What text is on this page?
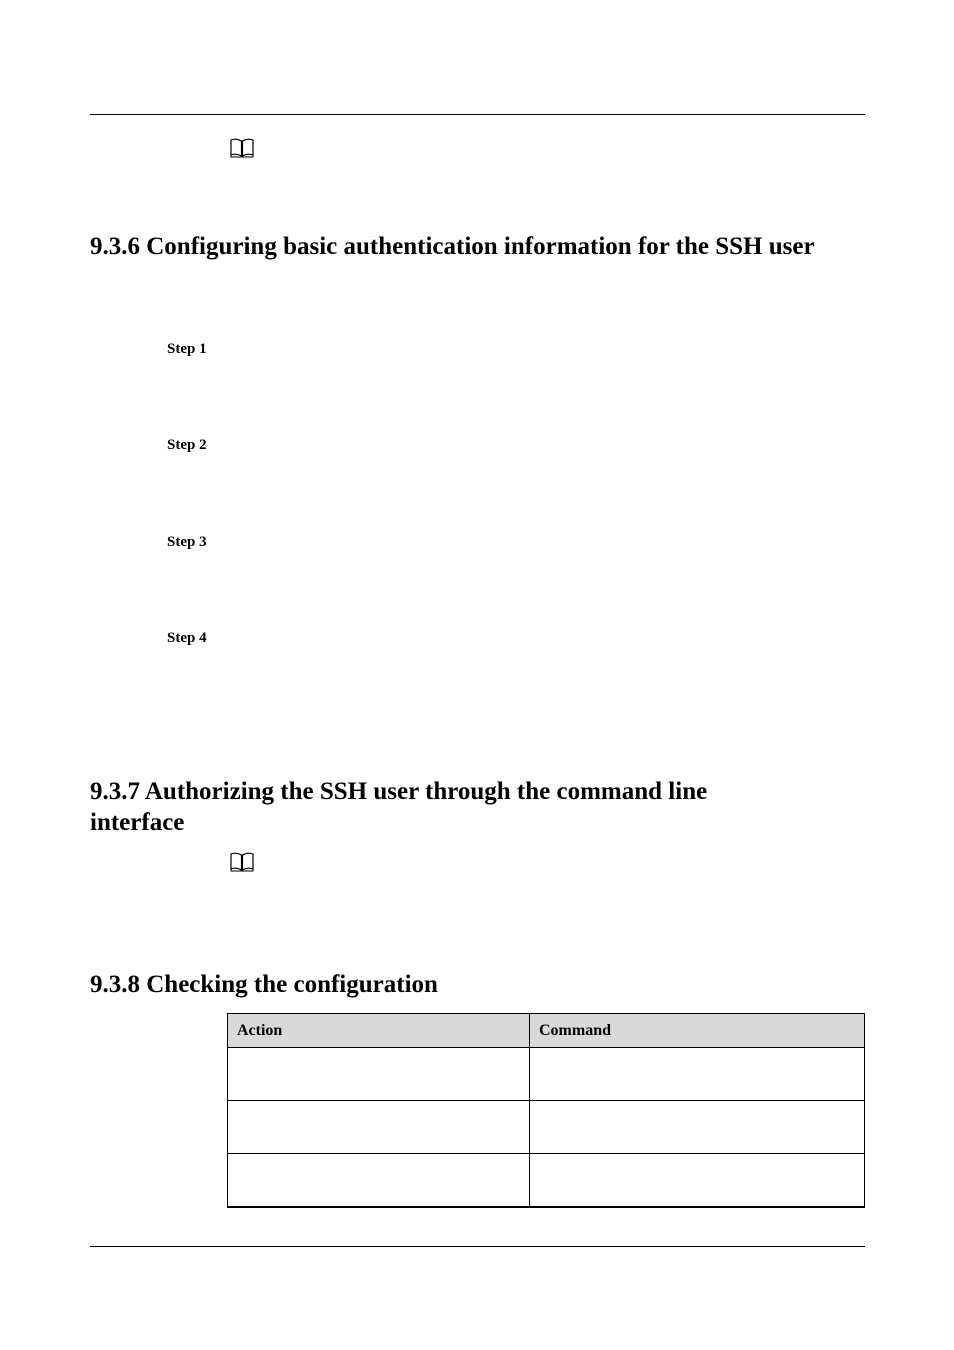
9.3.6 Configuring basic authentication information for the SSH user
Step 1
Step 2
Step 3
Step 4
9.3.7 Authorizing the SSH user through the command line interface
9.3.8 Checking the configuration
Action	Command
